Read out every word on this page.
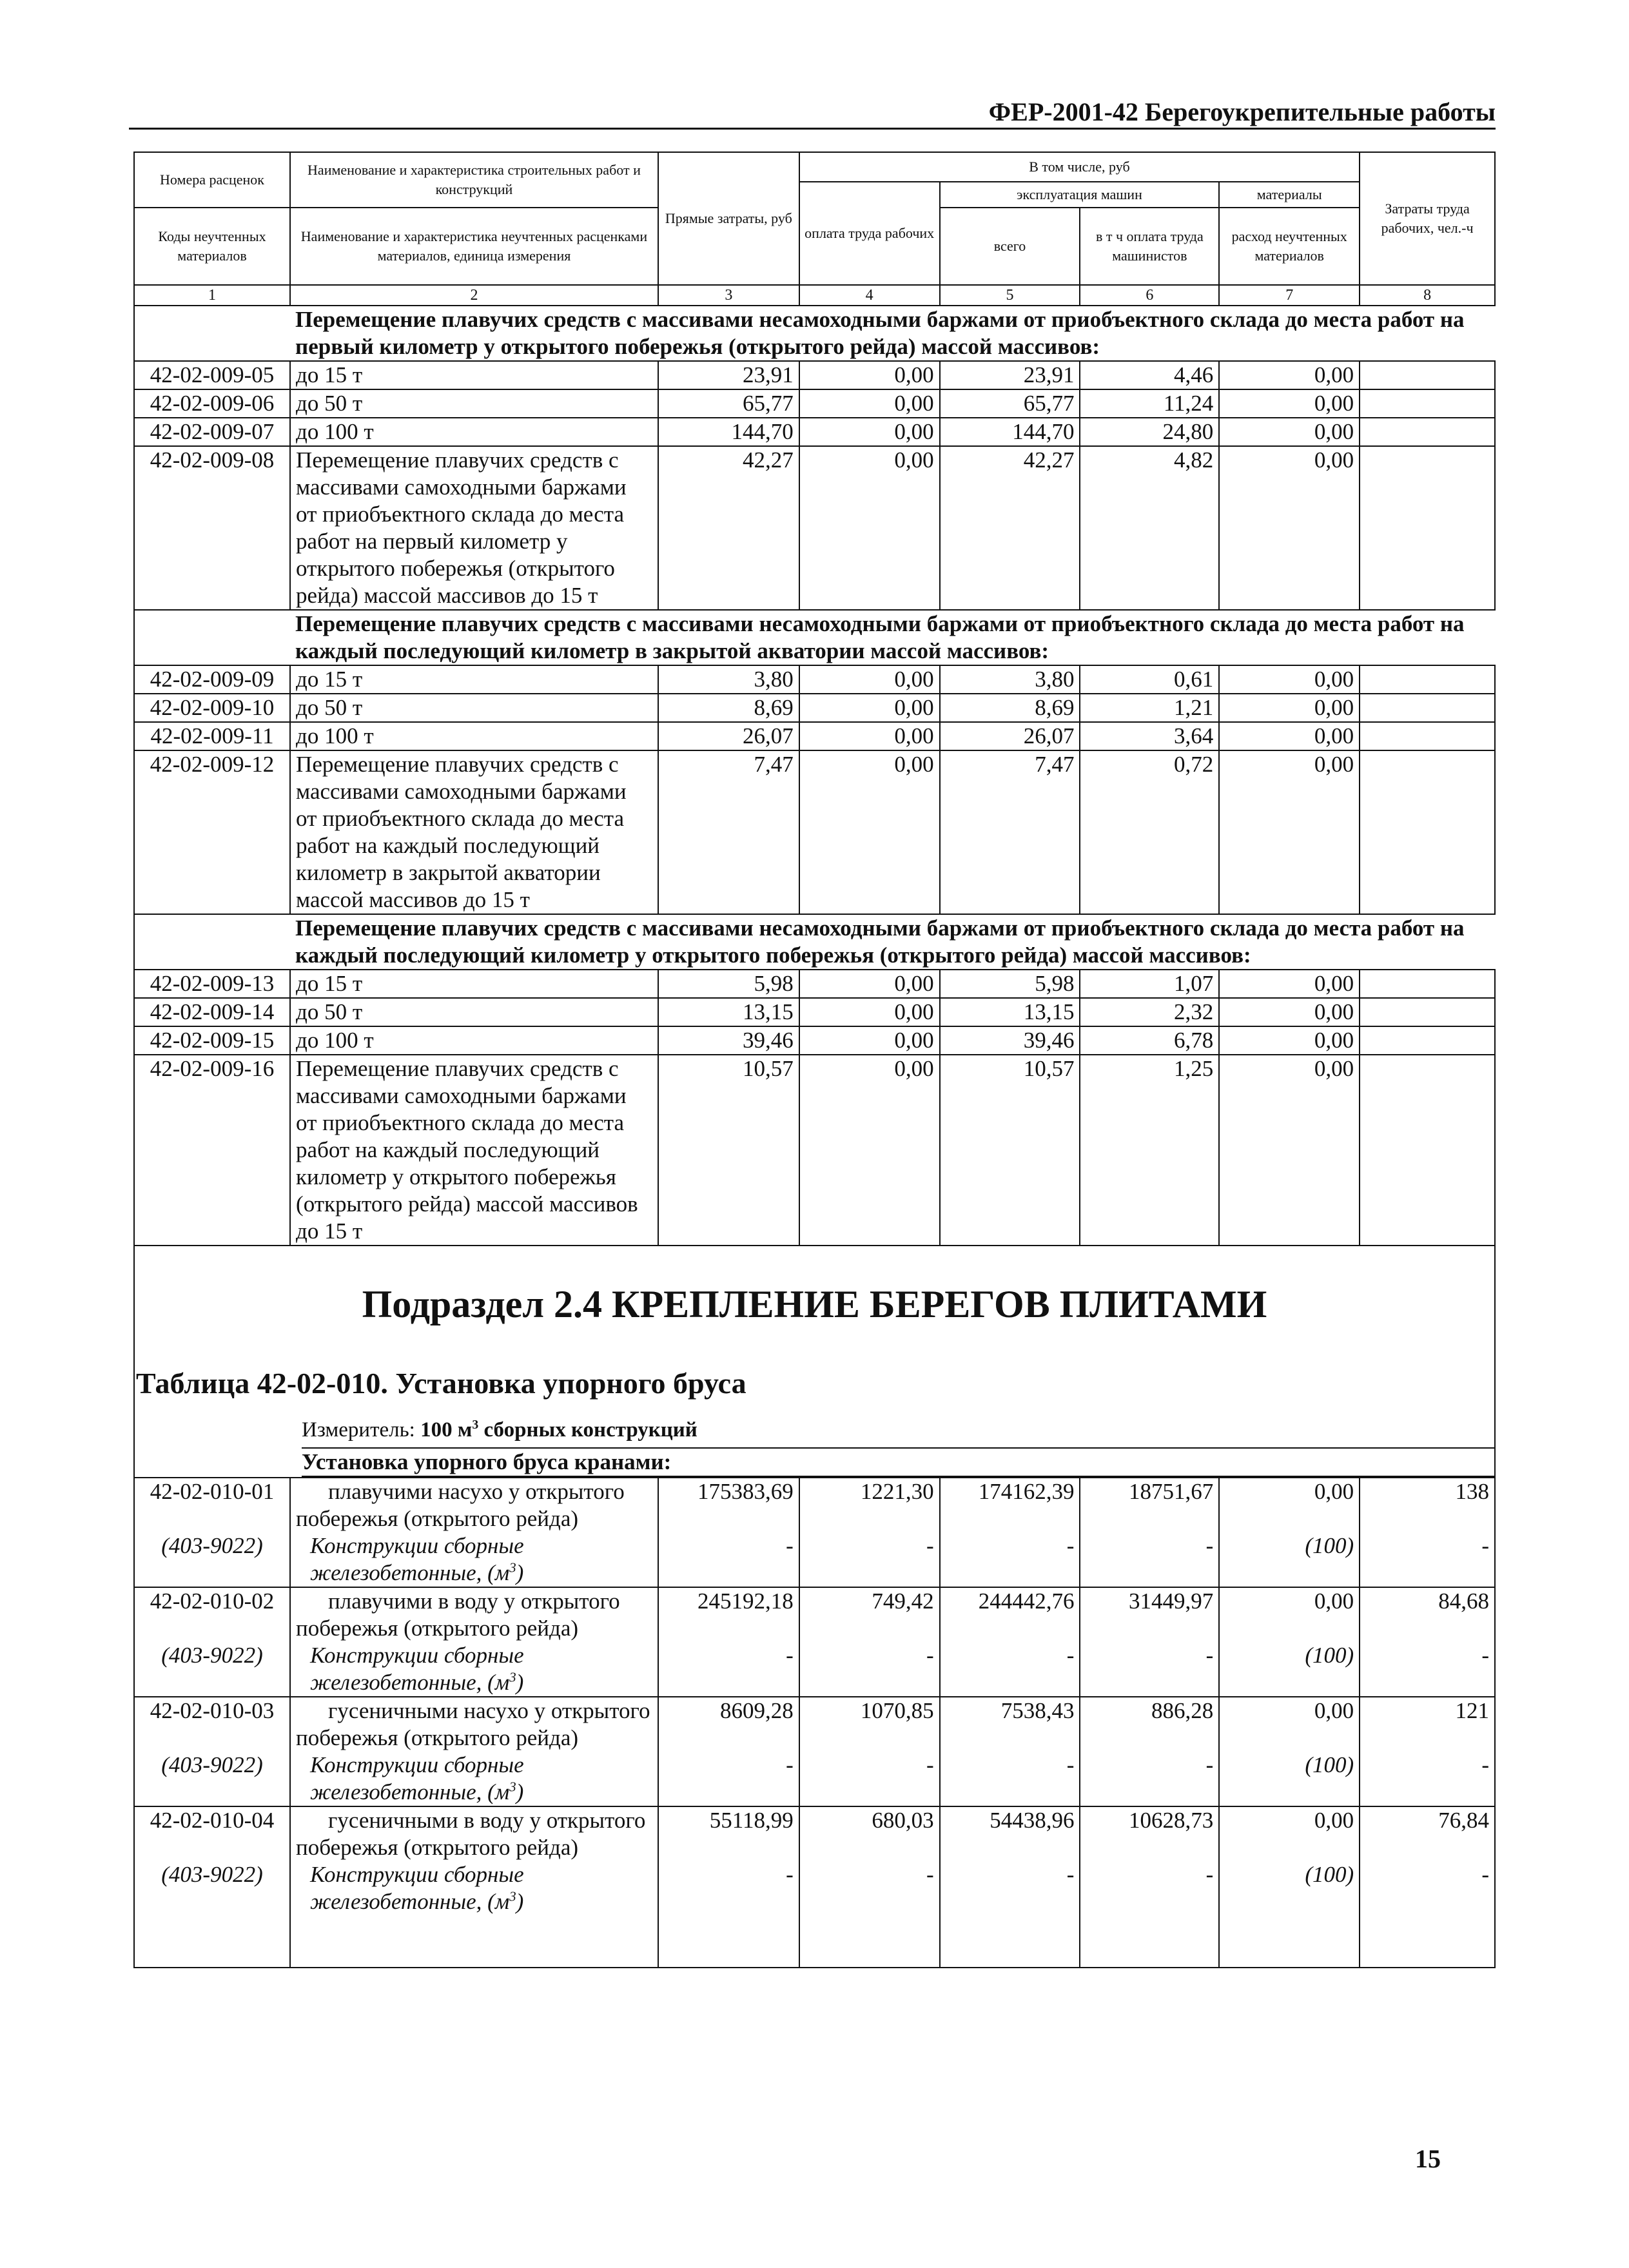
ФЕР-2001-42 Берегоукрепительные работы
Номера расценок	Наименование и характеристика строительных работ и конструкций	Прямые затраты, руб	В том числе, руб				Затраты труда рабочих, чел.-ч
			оплата труда рабочих	эксплуатация машин		материалы	
Коды неучтенных материалов	Наименование и характеристика неучтенных расценками материалов, единица измерения			всего	в т ч оплата труда машинистов	расход неучтенных материалов	

1	2	3	4	5	6	7	8
	Перемещение плавучих средств с массивами несамоходными баржами от приобъектного склада до места работ на первый километр у открытого побережья (открытого рейда) массой массивов:						
42-02-009-05	до 15 т	23,91	0,00	23,91	4,46	0,00	
42-02-009-06	до 50 т	65,77	0,00	65,77	11,24	0,00	
42-02-009-07	до 100 т	144,70	0,00	144,70	24,80	0,00	
42-02-009-08	Перемещение плавучих средств с массивами самоходными баржами от приобъектного склада до места работ на первый километр у открытого побережья (открытого рейда) массой массивов до 15 т	42,27	0,00	42,27	4,82	0,00	
	Перемещение плавучих средств с массивами несамоходными баржами от приобъектного склада до места работ на каждый последующий километр в закрытой акватории массой массивов:						
42-02-009-09	до 15 т	3,80	0,00	3,80	0,61	0,00	
42-02-009-10	до 50 т	8,69	0,00	8,69	1,21	0,00	
42-02-009-11	до 100 т	26,07	0,00	26,07	3,64	0,00	
42-02-009-12	Перемещение плавучих средств с массивами самоходными баржами от приобъектного склада до места работ на каждый последующий километр в закрытой акватории массой массивов до 15 т	7,47	0,00	7,47	0,72	0,00	
	Перемещение плавучих средств с массивами несамоходными баржами от приобъектного склада до места работ на каждый последующий километр у открытого побережья (открытого рейда) массой массивов:						
42-02-009-13	до 15 т	5,98	0,00	5,98	1,07	0,00	
42-02-009-14	до 50 т	13,15	0,00	13,15	2,32	0,00	
42-02-009-15	до 100 т	39,46	0,00	39,46	6,78	0,00	
42-02-009-16	Перемещение плавучих средств с массивами самоходными баржами от приобъектного склада до места работ на каждый последующий километр у открытого побережья (открытого рейда) массой массивов до 15 т	10,57	0,00	10,57	1,25	0,00	
Подраздел 2.4 КРЕПЛЕНИЕ БЕРЕГОВ ПЛИТАМИ							

Таблица 42-02-010. Установка упорного бруса							

Измеритель: 100 $м^3$ сборных конструкций							

Установка упорного бруса кранами:							

42-02-010-01	плавучими насухо у открытого побережья (открытого рейда)	175383,69	1221,30	174162,39	18751,67	0,00	138
(403-9022)	Конструкции сборные железобетонные, $(м^3)$	-	-	-	-	(100)	-
42-02-010-02	плавучими в воду у открытого побережья (открытого рейда)	245192,18	749,42	244442,76	31449,97	0,00	84,68
(403-9022)	Конструкции сборные железобетонные, $(м^3)$	-	-	-	-	(100)	-
42-02-010-03	гусеничными насухо у открытого побережья (открытого рейда)	8609,28	1070,85	7538,43	886,28	0,00	121
(403-9022)	Конструкции сборные железобетонные, $(м^3)$	-	-	-	-	(100)	-
42-02-010-04	гусеничными в воду у открытого побережья (открытого рейда)	55118,99	680,03	54438,96	10628,73	0,00	76,84
(403-9022)	Конструкции сборные железобетонные, $(м^3)$	-	-	-	-	(100)	-

15
